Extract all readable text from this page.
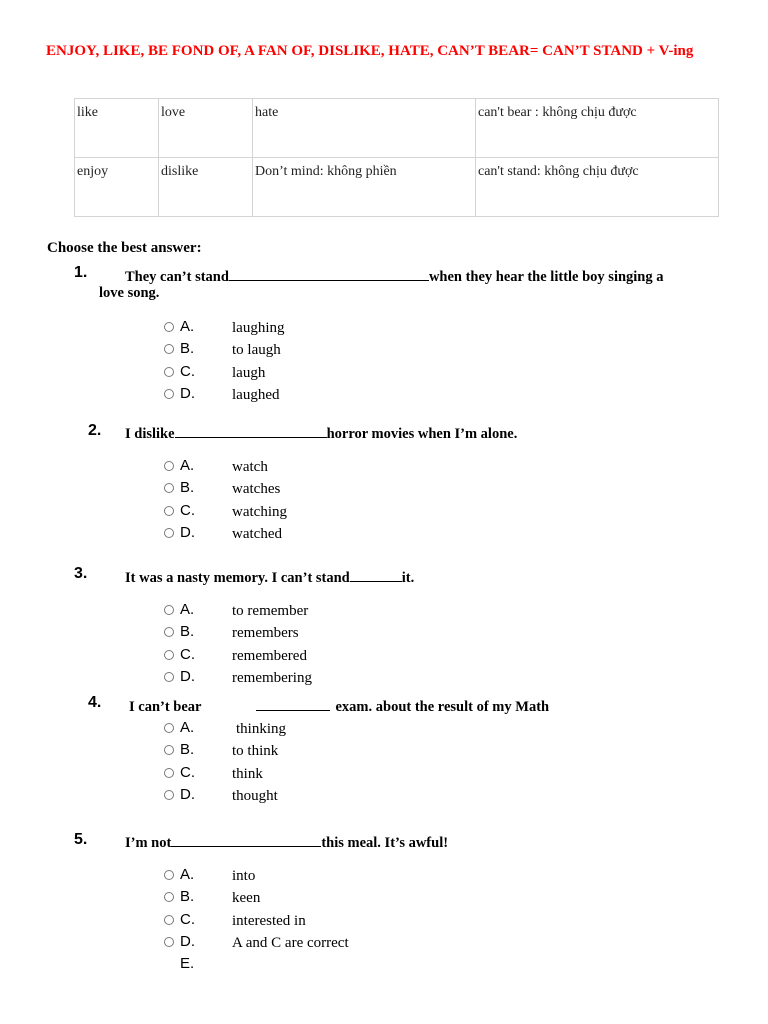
ENJOY, LIKE, BE FOND OF, A FAN OF, DISLIKE, HATE, CAN’T BEAR= CAN’T STAND + V-ing
like	love	hate	can't bear : không chịu được
enjoy	dislike	Don’t mind: không phiền	can't stand: không chịu được
Choose the best answer:
1.	They can’t stand	when they hear the little boy singing a
love song.
A.	laughing
B.	to laugh
C. laugh
D. laughed
2. I dislike	horror movies when I’m alone.
A.	watch
B.	watches
C. watching
D. watched
3.	It was a nasty memory. I can’t stand	it.
A.	to remember
B.	remembers
C. remembered
D. remembering
4. I can’t bear	exam. about the result of my Math
A.	thinking
B.	to think
C. think
D. thought
5.	I’m not	this meal. It’s awful!
A.	into
B.	keen
C. interested in
D. A and C are correct
E.
